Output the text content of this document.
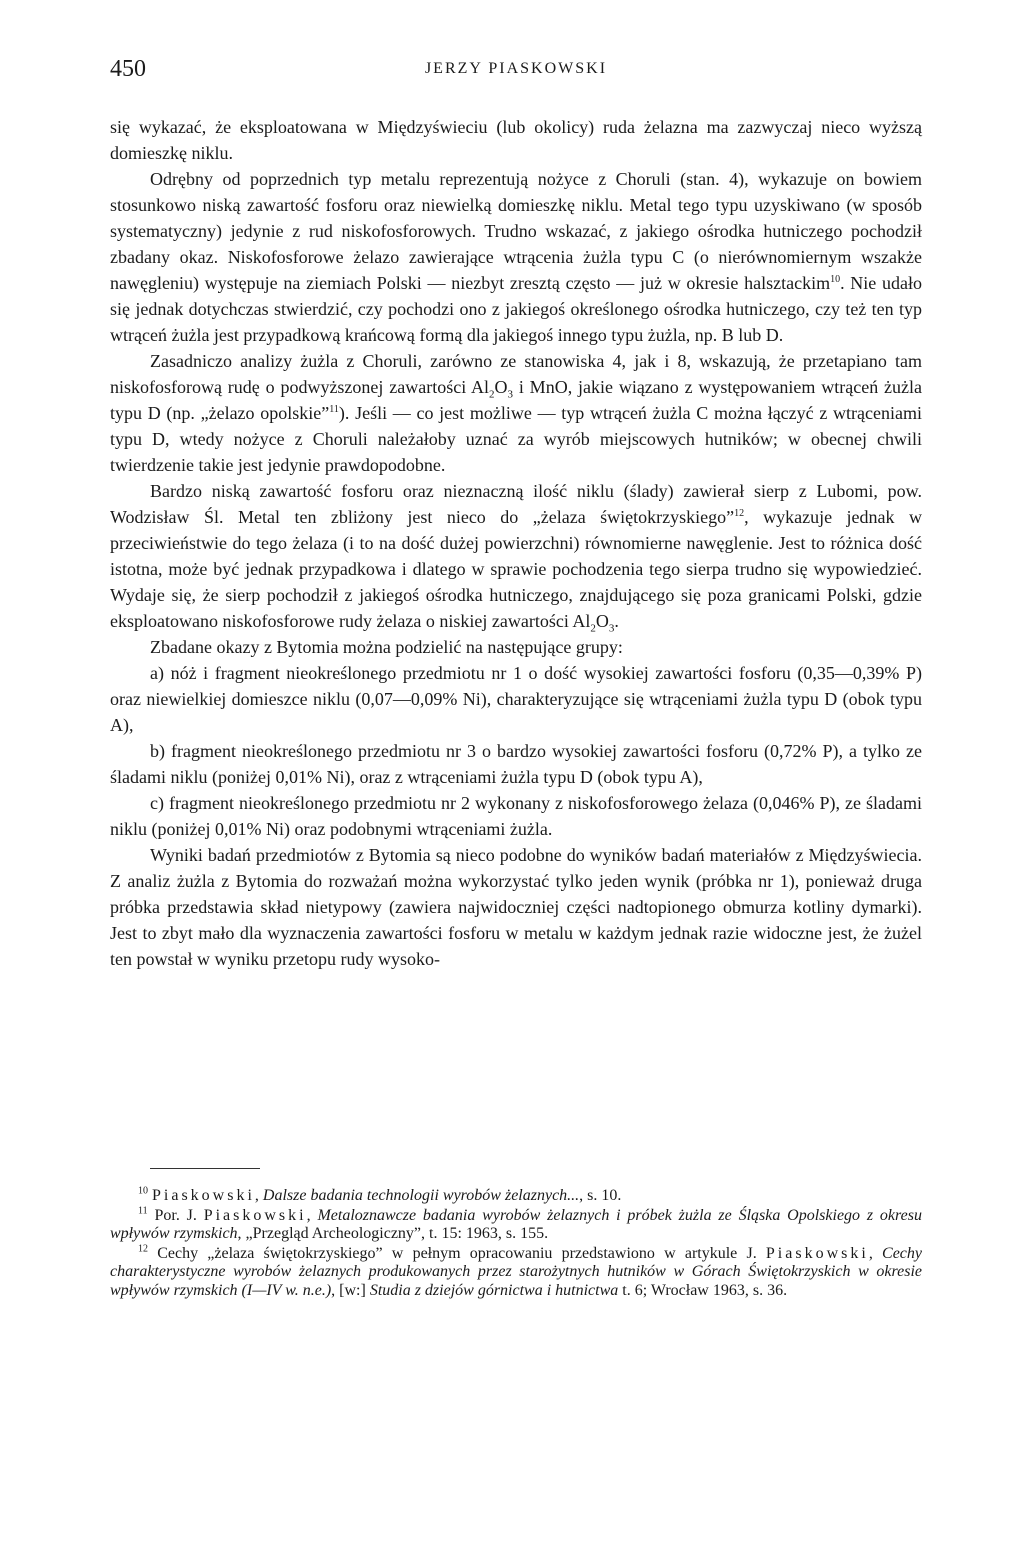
450	JERZY PIASKOWSKI

się wykazać, że eksploatowana w Międzyświeciu (lub okolicy) ruda żelazna ma zazwyczaj nieco wyższą domieszkę niklu.

Odrębny od poprzednich typ metalu reprezentują nożyce z Choruli (stan. 4), wykazuje on bowiem stosunkowo niską zawartość fosforu oraz niewielką domieszkę niklu. Metal tego typu uzyskiwano (w sposób systematyczny) jedynie z rud niskofosforowych. Trudno wskazać, z jakiego ośrodka hutniczego pochodził zbadany okaz. Niskofosforowe żelazo zawierające wtrącenia żużla typu C (o nierównomiernym wszakże nawęgleniu) występuje na ziemiach Polski — niezbyt zresztą często — już w okresie halsztackim$^{10}$. Nie udało się jednak dotychczas stwierdzić, czy pochodzi ono z jakiegoś określonego ośrodka hutniczego, czy też ten typ wtrąceń żużla jest przypadkową krańcową formą dla jakiegoś innego typu żużla, np. B lub D.

Zasadniczo analizy żużla z Choruli, zarówno ze stanowiska 4, jak i 8, wskazują, że przetapiano tam niskofosforową rudę o podwyższonej zawartości $Al_2O_3$ i MnO, jakie wiązano z występowaniem wtrąceń żużla typu D (np. „żelazo opolskie”$^{11}$). Jeśli — co jest możliwe — typ wtrąceń żużla C można łączyć z wtrąceniami typu D, wtedy nożyce z Choruli należałoby uznać za wyrób miejscowych hutników; w obecnej chwili twierdzenie takie jest jedynie prawdopodobne.

Bardzo niską zawartość fosforu oraz nieznaczną ilość niklu (ślady) zawierał sierp z Lubomi, pow. Wodzisław Śl. Metal ten zbliżony jest nieco do „żelaza świętokrzyskiego”$^{12}$, wykazuje jednak w przeciwieństwie do tego żelaza (i to na dość dużej powierzchni) równomierne nawęglenie. Jest to różnica dość istotna, może być jednak przypadkowa i dlatego w sprawie pochodzenia tego sierpa trudno się wypowiedzieć. Wydaje się, że sierp pochodził z jakiegoś ośrodka hutniczego, znajdującego się poza granicami Polski, gdzie eksploatowano niskofosforowe rudy żelaza o niskiej zawartości $Al_2O_3$.

Zbadane okazy z Bytomia można podzielić na następujące grupy:

a) nóż i fragment nieokreślonego przedmiotu nr 1 o dość wysokiej zawartości fosforu (0,35—0,39% P) oraz niewielkiej domieszce niklu (0,07—0,09% Ni), charakteryzujące się wtrąceniami żużla typu D (obok typu A),

b) fragment nieokreślonego przedmiotu nr 3 o bardzo wysokiej zawartości fosforu (0,72% P), a tylko ze śladami niklu (poniżej 0,01% Ni), oraz z wtrąceniami żużla typu D (obok typu A),

c) fragment nieokreślonego przedmiotu nr 2 wykonany z niskofosforowego żelaza (0,046% P), ze śladami niklu (poniżej 0,01% Ni) oraz podobnymi wtrąceniami żużla.

Wyniki badań przedmiotów z Bytomia są nieco podobne do wyników badań materiałów z Międzyświecia. Z analiz żużla z Bytomia do rozważań można wykorzystać tylko jeden wynik (próbka nr 1), ponieważ druga próbka przedstawia skład nietypowy (zawiera najwidoczniej części nadtopionego obmurza kotliny dymarki). Jest to zbyt mało dla wyznaczenia zawartości fosforu w metalu w każdym jednak razie widoczne jest, że żużel ten powstał w wyniku przetopu rudy wysoko-

$^{10}$ Piaskowski, Dalsze badania technologii wyrobów żelaznych..., s. 10.

$^{11}$ Por. J. Piaskowski, Metaloznawcze badania wyrobów żelaznych i próbek żużla ze Śląska Opolskiego z okresu wpływów rzymskich, „Przegląd Archeologiczny”, t. 15: 1963, s. 155.

$^{12}$ Cechy „żelaza świętokrzyskiego” w pełnym opracowaniu przedstawiono w artykule J. Piaskowski, Cechy charakterystyczne wyrobów żelaznych produkowanych przez starożytnych hutników w Górach Świętokrzyskich w okresie wpływów rzymskich (I—IV w. n.e.), [w:] Studia z dziejów górnictwa i hutnictwa t. 6; Wrocław 1963, s. 36.
